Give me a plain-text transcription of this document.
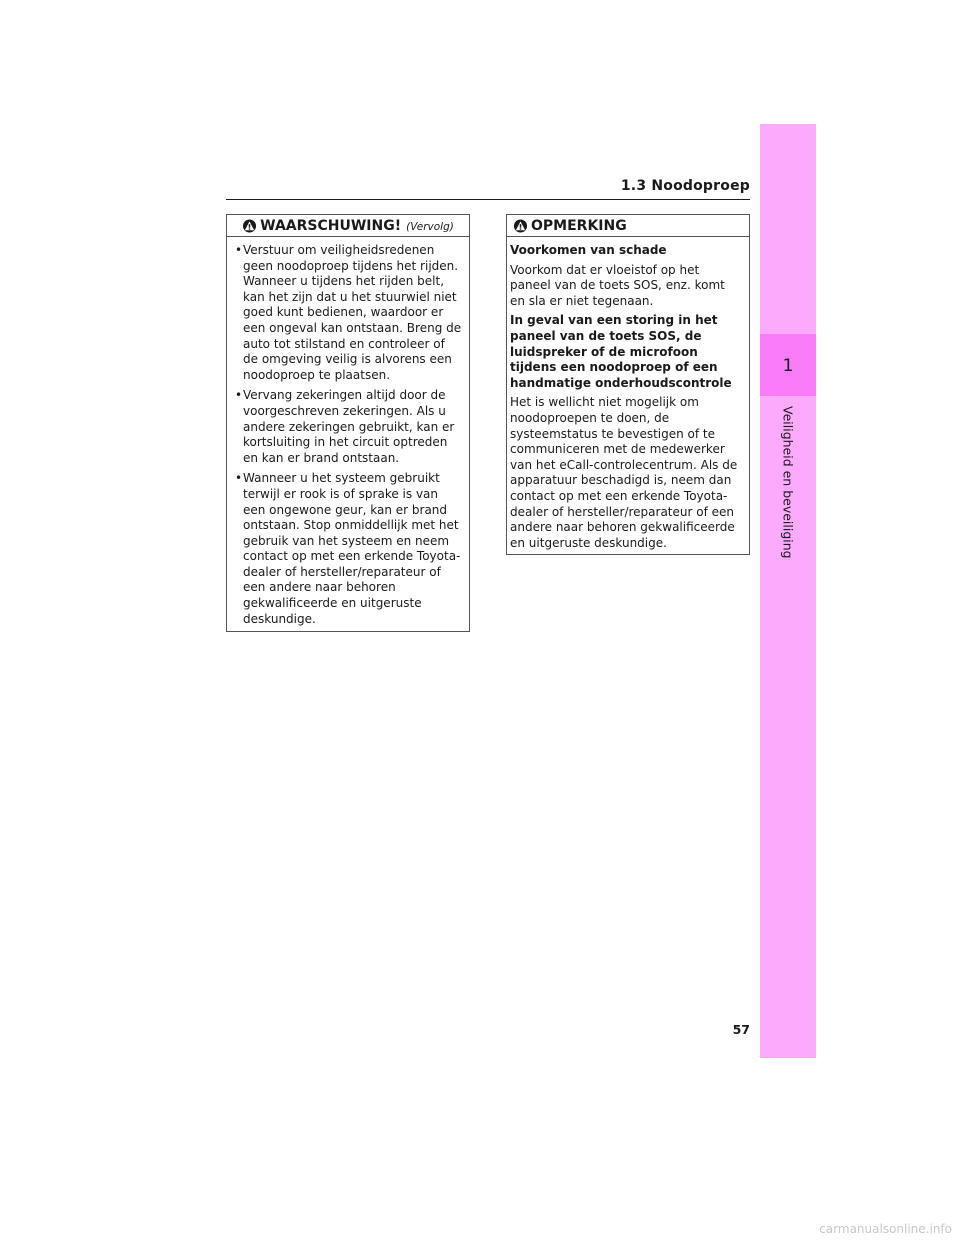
1.3 Noodoproep
1
Veiligheid en beveiliging
WAARSCHUWING! (Vervolg)
• Verstuur om veiligheidsredenen geen noodoproep tijdens het rijden. Wanneer u tijdens het rijden belt, kan het zijn dat u het stuurwiel niet goed kunt bedienen, waardoor er een ongeval kan ontstaan. Breng de auto tot stilstand en controleer of de omgeving veilig is alvorens een noodoproep te plaatsen.
• Vervang zekeringen altijd door de voorgeschreven zekeringen. Als u andere zekeringen gebruikt, kan er kortsluiting in het circuit optreden en kan er brand ontstaan.
• Wanneer u het systeem gebruikt terwijl er rook is of sprake is van een ongewone geur, kan er brand ontstaan. Stop onmiddellijk met het gebruik van het systeem en neem contact op met een erkende Toyota-dealer of hersteller/reparateur of een andere naar behoren gekwalificeerde en uitgeruste deskundige.
OPMERKING

Voorkomen van schade

Voorkom dat er vloeistof op het paneel van de toets SOS, enz. komt en sla er niet tegenaan.

In geval van een storing in het paneel van de toets SOS, de luidspreker of de microfoon tijdens een noodoproep of een handmatige onderhoudscontrole

Het is wellicht niet mogelijk om noodoproepen te doen, de systeemstatus te bevestigen of te communiceren met de medewerker van het eCall-controlecentrum. Als de apparatuur beschadigd is, neem dan contact op met een erkende Toyota-dealer of hersteller/reparateur of een andere naar behoren gekwalificeerde en uitgeruste deskundige.

57
carmanualsonline.info
